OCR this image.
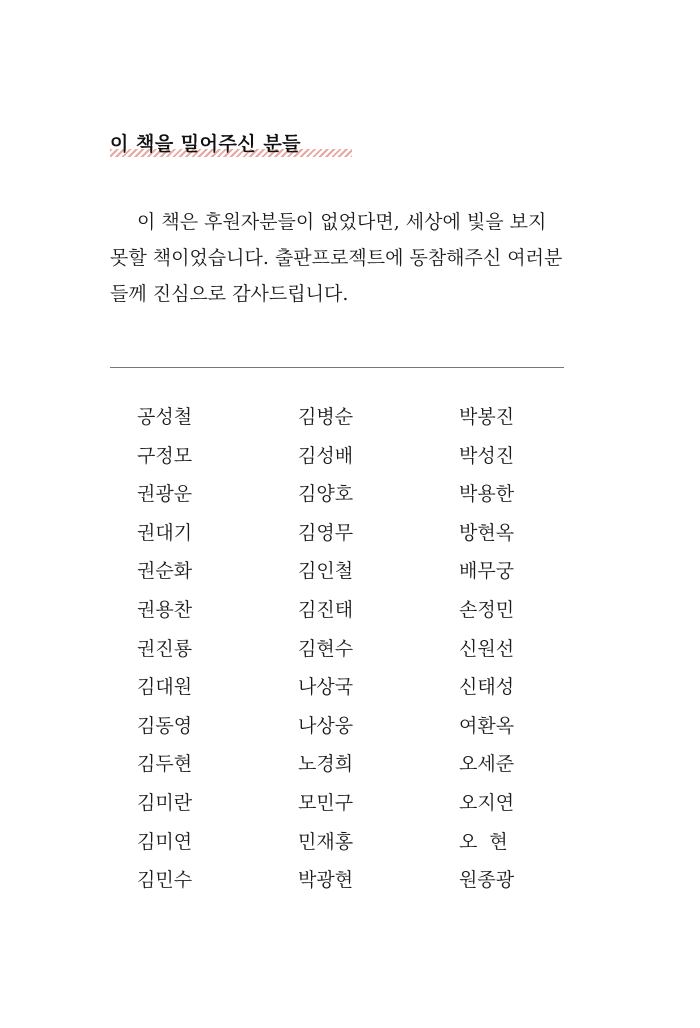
이 책을 밀어주신 분들

이 책은 후원자분들이 없었다면, 세상에 빛을 보지
못할 책이었습니다. 출판프로젝트에 동참해주신 여러분
들께 진심으로 감사드립니다.

공성철	김병순	박봉진
구정모	김성배	박성진
권광운	김양호	박용한
권대기	김영무	방현옥
권순화	김인철	배무궁
권용찬	김진태	손정민
권진룡	김현수	신원선
김대원	나상국	신태성
김동영	나상웅	여환옥
김두현	노경희	오세준
김미란	모민구	오지연
김미연	민재홍	오  현
김민수	박광현	원종광
